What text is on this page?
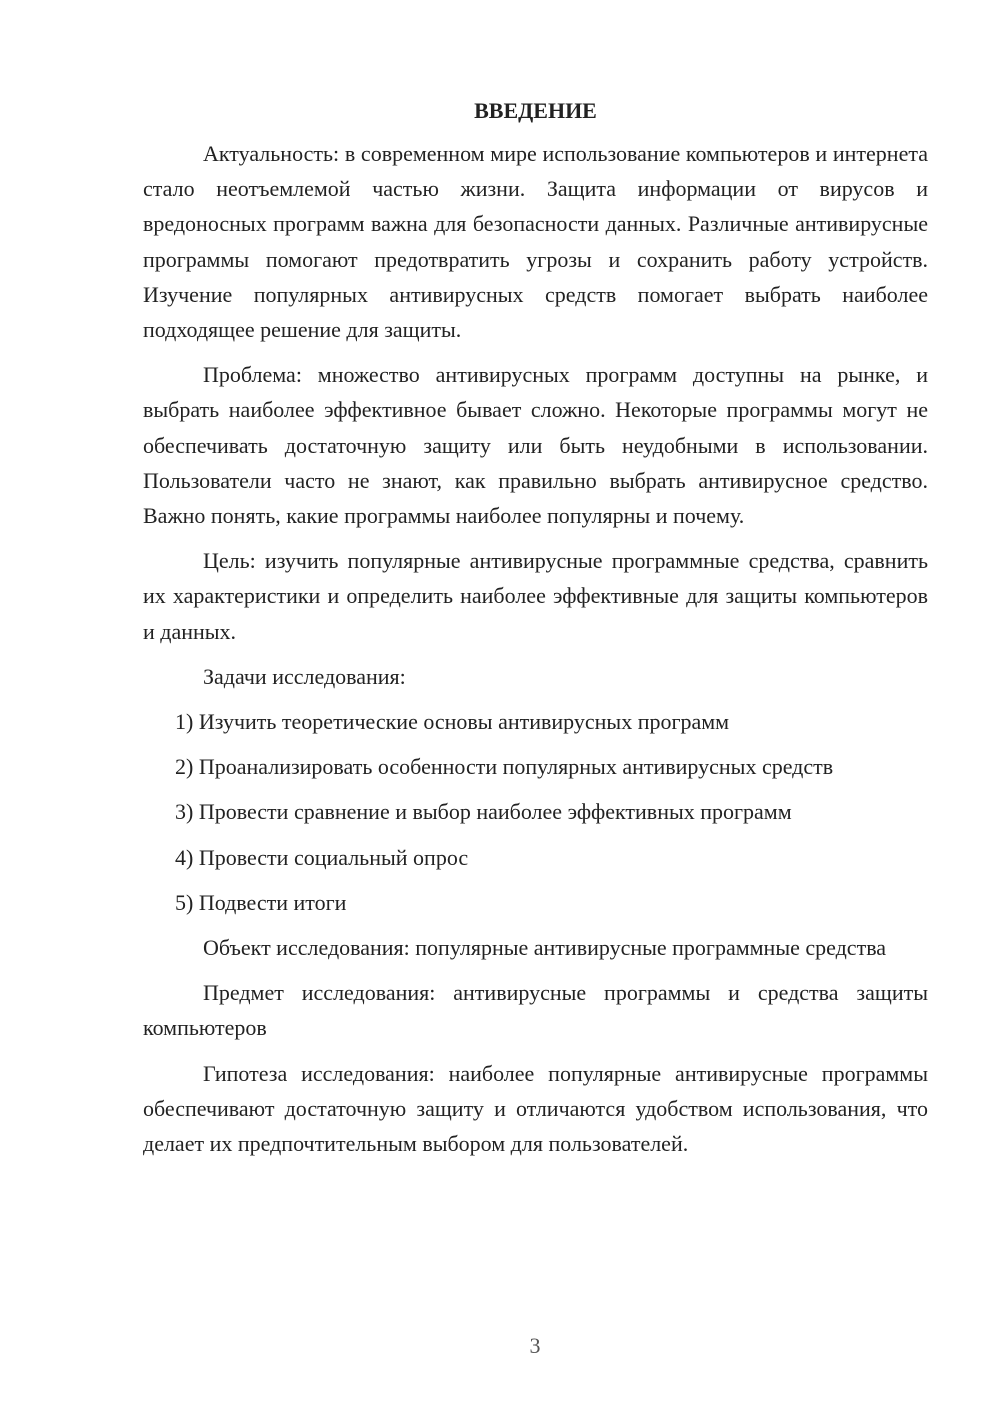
ВВЕДЕНИЕ

Актуальность: в современном мире использование компьютеров и интернета стало неотъемлемой частью жизни. Защита информации от вирусов и вредоносных программ важна для безопасности данных. Различные антивирусные программы помогают предотвратить угрозы и сохранить работу устройств. Изучение популярных антивирусных средств помогает выбрать наиболее подходящее решение для защиты.

Проблема: множество антивирусных программ доступны на рынке, и выбрать наиболее эффективное бывает сложно. Некоторые программы могут не обеспечивать достаточную защиту или быть неудобными в использовании. Пользователи часто не знают, как правильно выбрать антивирусное средство. Важно понять, какие программы наиболее популярны и почему.

Цель: изучить популярные антивирусные программные средства, сравнить их характеристики и определить наиболее эффективные для защиты компьютеров и данных.

Задачи исследования:

1) Изучить теоретические основы антивирусных программ
2) Проанализировать особенности популярных антивирусных средств
3) Провести сравнение и выбор наиболее эффективных программ
4) Провести социальный опрос
5) Подвести итоги

Объект исследования: популярные антивирусные программные средства

Предмет исследования: антивирусные программы и средства защиты компьютеров

Гипотеза исследования: наиболее популярные антивирусные программы обеспечивают достаточную защиту и отличаются удобством использования, что делает их предпочтительным выбором для пользователей.

3
